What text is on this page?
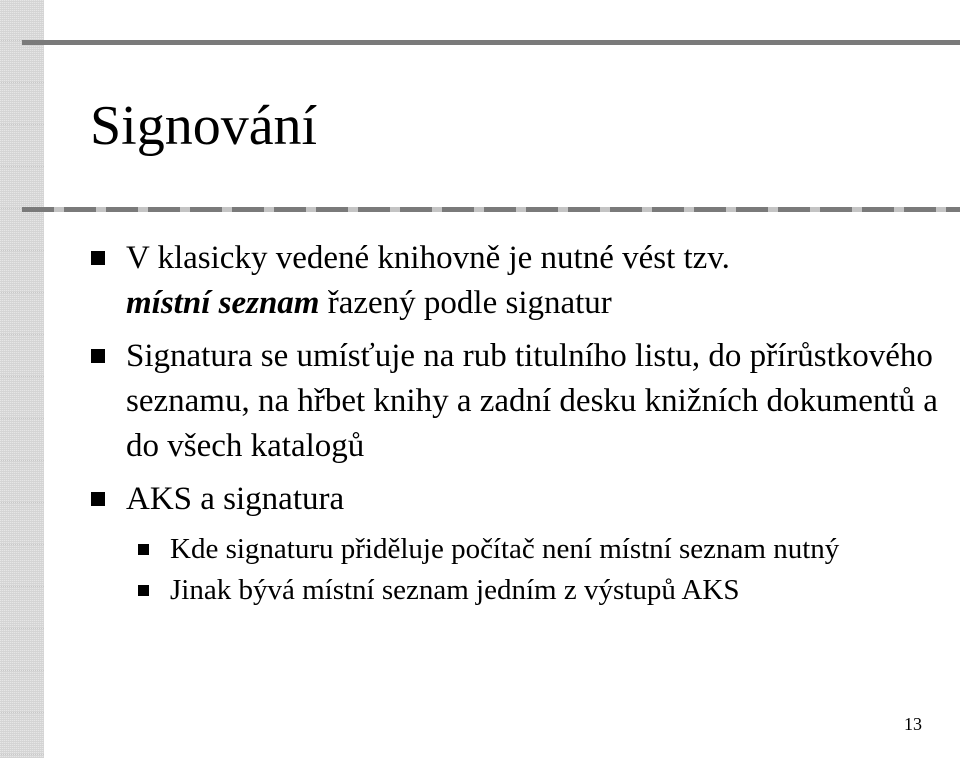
Signování
V klasicky vedené knihovně je nutné vést tzv.
místní seznam řazený podle signatur
Signatura se umísťuje na rub titulního listu, do přírůstkového seznamu, na hřbet knihy a zadní desku knižních dokumentů a do všech katalogů
AKS a signatura
Kde signaturu přiděluje počítač není místní seznam nutný
Jinak bývá místní seznam jedním z výstupů AKS
13
